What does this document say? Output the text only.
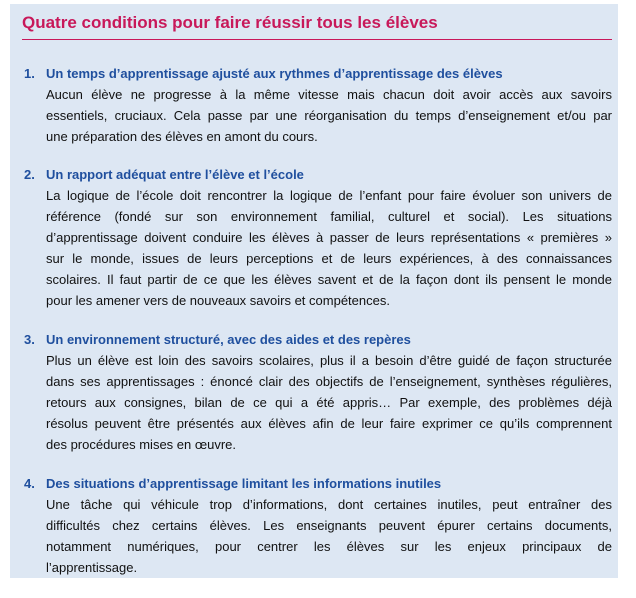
Quatre conditions pour faire réussir tous les élèves
1. Un temps d’apprentissage ajusté aux rythmes d’apprentissage des élèves
Aucun élève ne progresse à la même vitesse mais chacun doit avoir accès aux savoirs
essentiels, cruciaux. Cela passe par une réorganisation du temps d’enseignement et/ou par
une préparation des élèves en amont du cours.
2. Un rapport adéquat entre l’élève et l’école
La logique de l’école doit rencontrer la logique de l’enfant pour faire évoluer son univers de
référence (fondé sur son environnement familial, culturel et social). Les situations
d’apprentissage doivent conduire les élèves à passer de leurs représentations « premières »
sur le monde, issues de leurs perceptions et de leurs expériences, à des connaissances
scolaires. Il faut partir de ce que les élèves savent et de la façon dont ils pensent le monde
pour les amener vers de nouveaux savoirs et compétences.
3. Un environnement structuré, avec des aides et des repères
Plus un élève est loin des savoirs scolaires, plus il a besoin d’être guidé de façon structurée
dans ses apprentissages : énoncé clair des objectifs de l’enseignement, synthèses régulières,
retours aux consignes, bilan de ce qui a été appris… Par exemple, des problèmes déjà
résolus peuvent être présentés aux élèves afin de leur faire exprimer ce qu’ils comprennent
des procédures mises en œuvre.
4. Des situations d’apprentissage limitant les informations inutiles
Une tâche qui véhicule trop d’informations, dont certaines inutiles, peut entraîner des
difficultés chez certains élèves. Les enseignants peuvent épurer certains documents,
notamment numériques, pour centrer les élèves sur les enjeux principaux de
l’apprentissage.
